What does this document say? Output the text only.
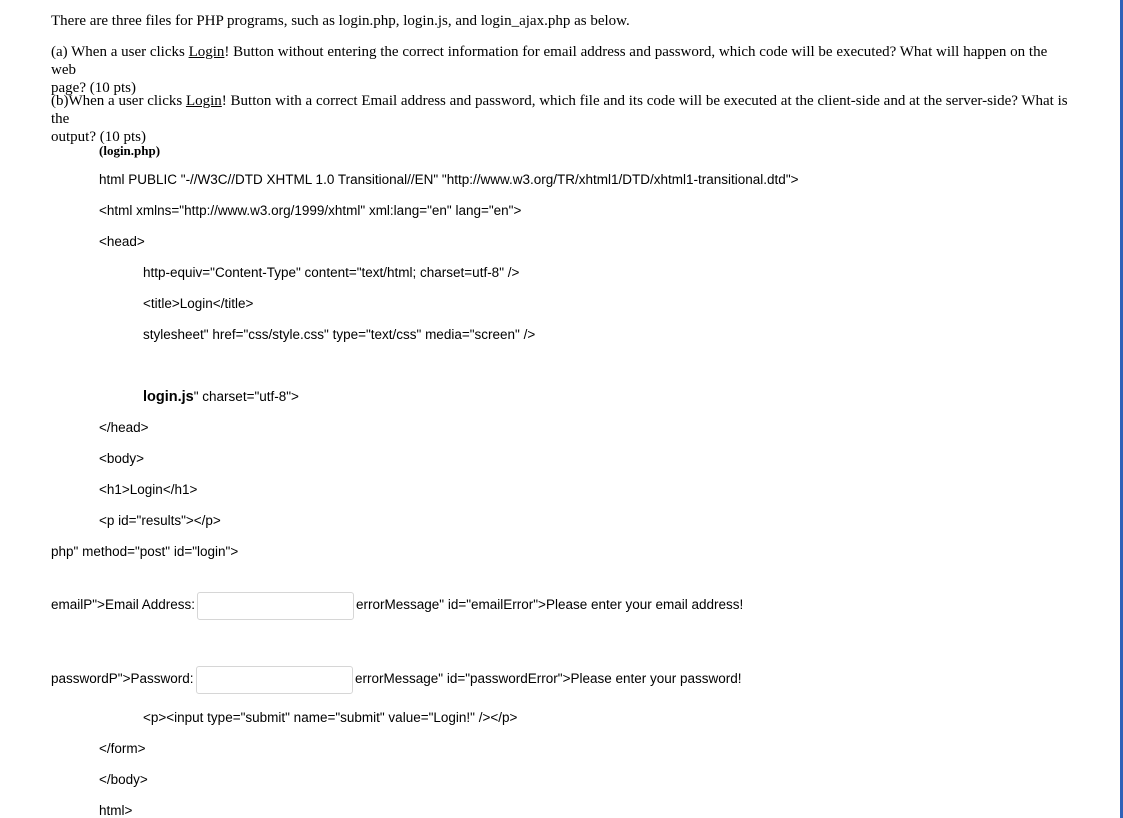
There are three files for PHP programs, such as login.php, login.js, and login_ajax.php as below.
(a) When a user clicks Login! Button without entering the correct information for email address and password, which code will be executed? What will happen on the web
page? (10 pts)
(b)When a user clicks Login! Button with a correct Email address and password, which file and its code will be executed at the client-side and at the server-side? What is the
output? (10 pts)
(login.php)
html PUBLIC "-//W3C//DTD XHTML 1.0 Transitional//EN" "http://www.w3.org/TR/xhtml1/DTD/xhtml1-transitional.dtd">
<html xmlns="http://www.w3.org/1999/xhtml" xml:lang="en" lang="en">
<head>
http-equiv="Content-Type" content="text/html; charset=utf-8" />
<title>Login</title>
stylesheet" href="css/style.css" type="text/css" media="screen" />
login.js" charset="utf-8">
</head>
<body>
<h1>Login</h1>
<p id="results"></p>
php" method="post" id="login">
emailP">Email Address:	errorMessage" id="emailError">Please enter your email address!
passwordP">Password:	errorMessage" id="passwordError">Please enter your password!
<p><input type="submit" name="submit" value="Login!" /></p>
</form>
</body>
html>
